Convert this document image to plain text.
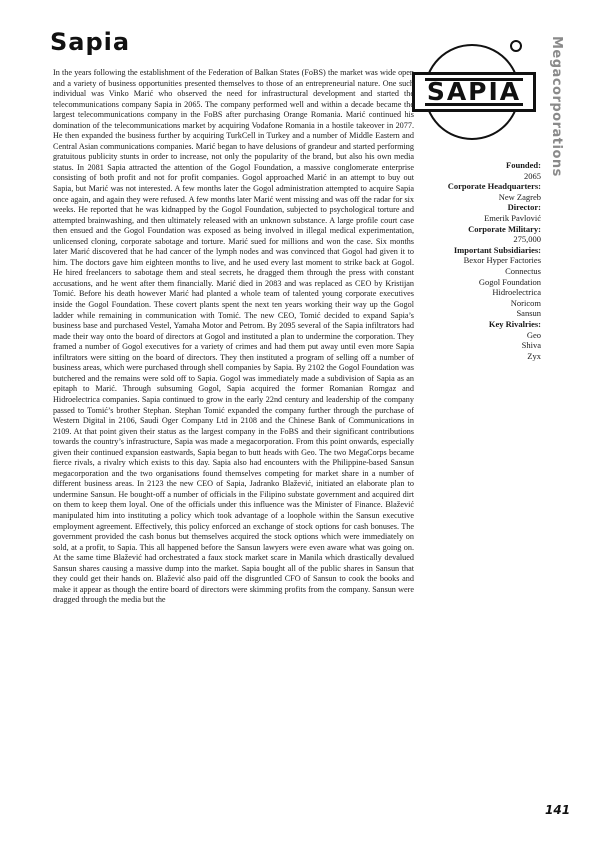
Sapia	Megacorporations
SAPIA

In the years following the establishment of the Federation of Balkan States (FoBS) the market was wide open and a variety of business opportunities presented themselves to those of an entrepreneurial nature. One such individual was Vinko Marić who observed the need for infrastructural development and started the telecommunications company Sapia in 2065. The company performed well and within a decade became the largest telecommunications company in the FoBS after purchasing Orange Romania. Marić continued his domination of the telecommunications market by acquiring Vodafone Romania in a hostile takeover in 2077. He then expanded the business further by acquiring TurkCell in Turkey and a number of Middle Eastern and Central Asian communications companies. Marić began to have delusions of grandeur and started performing gratuitous publicity stunts in order to increase, not only the popularity of the brand, but also his own media status. In 2081 Sapia attracted the attention of the Gogol Foundation, a massive conglomerate enterprise consisting of both profit and not for profit companies. Gogol approached Marić in an attempt to buy out Sapia, but Marić was not interested. A few months later the Gogol administration attempted to acquire Sapia once again, and again they were refused. A few months later Marić went missing and was off the radar for six weeks. He reported that he was kidnapped by the Gogol Foundation, subjected to psychological torture and attempted brainwashing, and then ultimately released with an unknown substance. A large profile court case then ensued and the Gogol Foundation was exposed as being involved in illegal medical experimentation, unlicensed cloning, corporate sabotage and torture. Marić sued for millions and won the case. Six months later Marić discovered that he had cancer of the lymph nodes and was convinced that Gogol had given it to him. The doctors gave him eighteen months to live, and he used every last moment to strike back at Gogol. He hired freelancers to sabotage them and steal secrets, he dragged them through the press with constant accusations, and he went after them financially. Marić died in 2083 and was replaced as CEO by Kristijan Tomić. Before his death however Marić had planted a whole team of talented young corporate executives inside the Gogol Foundation. These covert plants spent the next ten years working their way up the Gogol ladder while remaining in communication with Tomić. The new CEO, Tomić decided to expand Sapia’s business base and purchased Vestel, Yamaha Motor and Petrom. By 2095 several of the Sapia infiltrators had made their way onto the board of directors at Gogol and instituted a plan to undermine the corporation. They framed a number of Gogol executives for a variety of crimes and had them put away until even more Sapia infiltrators were sitting on the board of directors. They then instituted a program of selling off a number of business areas, which were purchased through shell companies by Sapia. By 2102 the Gogol Foundation was butchered and the remains were sold off to Sapia. Gogol was immediately made a subdivision of Sapia as an epitaph to Marić. Through subsuming Gogol, Sapia acquired the former Romanian Romgaz and Hidroelectrica companies. Sapia continued to grow in the early 22nd century and leadership of the company passed to Tomić’s brother Stephan. Stephan Tomić expanded the company further through the purchase of Western Digital in 2106, Saudi Oger Company Ltd in 2108 and the Chinese Bank of Communications in 2109. At that point given their status as the largest company in the FoBS and their significant contributions towards the country’s infrastructure, Sapia was made a megacorporation. From this point onwards, especially given their continued expansion eastwards, Sapia began to butt heads with Geo. The two MegaCorps became fierce rivals, a rivalry which exists to this day. Sapia also had encounters with the Philippine-based Sansun megacorporation and the two organisations found themselves competing for market share in a number of different business areas. In 2123 the new CEO of Sapia, Jadranko Blažević, initiated an elaborate plan to undermine Sansun. He bought-off a number of officials in the Filipino substate government and acquired dirt on them to keep them loyal. One of the officials under this influence was the Minister of Finance. Blažević manipulated him into instituting a policy which took advantage of a loophole within the Sansun executive employment agreement. Effectively, this policy enforced an exchange of stock options for cash bonuses. The government provided the cash bonus but themselves acquired the stock options which were immediately on sold, at a profit, to Sapia. This all happened before the Sansun lawyers were even aware what was going on. At the same time Blažević had orchestrated a faux stock market scare in Manila which drastically devalued Sansun shares causing a massive dump into the market. Sapia bought all of the public shares in Sansun that they could get their hands on. Blažević also paid off the disgruntled CFO of Sansun to cook the books and make it appear as though the entire board of directors were skimming profits from the company. Sansun were dragged through the media but the

Founded:
2065
Corporate Headquarters:
New Zagreb
Director:
Emerik Pavlović
Corporate Military:
275,000
Important Subsidiaries:
Bexor Hyper Factories
Connectus
Gogol Foundation
Hidroelectrica
Noricom
Sansun
Key Rivalries:
Geo
Shiva
Zyx
141
